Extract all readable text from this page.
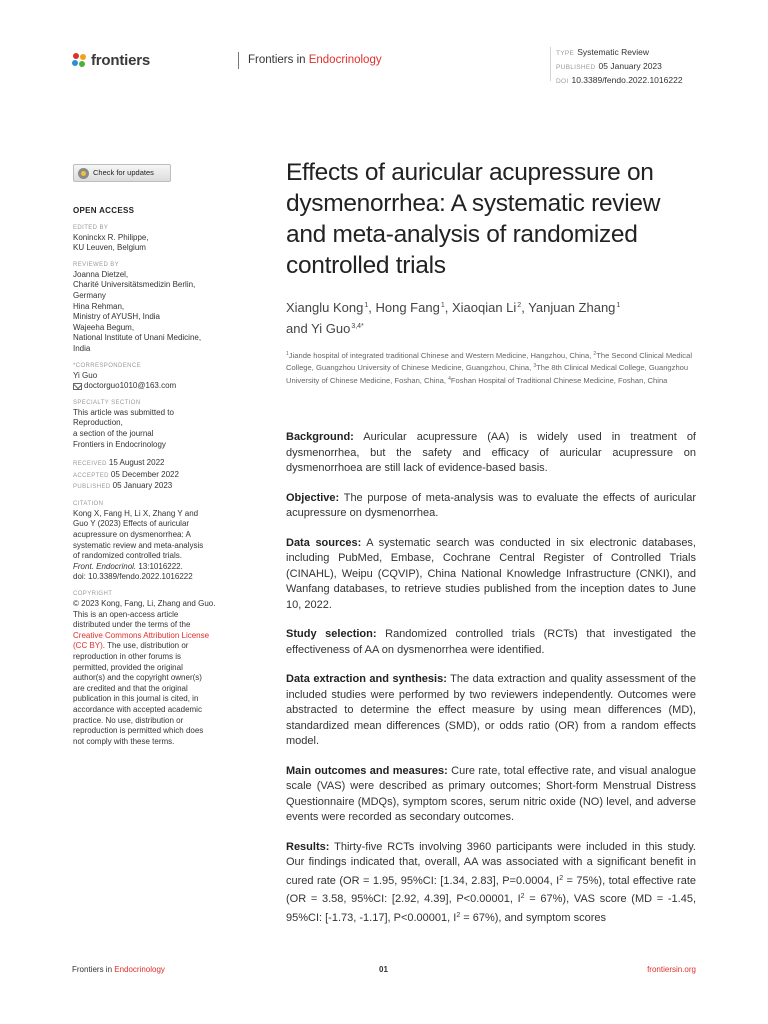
frontiers	Frontiers in Endocrinology
TYPE Systematic Review
PUBLISHED 05 January 2023
DOI 10.3389/fendo.2022.1016222
Check for updates
OPEN ACCESS
EDITED BY
Koninckx R. Philippe,
KU Leuven, Belgium
REVIEWED BY
Joanna Dietzel,
Charité Universitätsmedizin Berlin,
Germany
Hina Rehman,
Ministry of AYUSH, India
Wajeeha Begum,
National Institute of Unani Medicine,
India
*CORRESPONDENCE
Yi Guo
doctorguo1010@163.com
SPECIALTY SECTION
This article was submitted to
Reproduction,
a section of the journal
Frontiers in Endocrinology
RECEIVED 15 August 2022
ACCEPTED 05 December 2022
PUBLISHED 05 January 2023
CITATION
Kong X, Fang H, Li X, Zhang Y and
Guo Y (2023) Effects of auricular
acupressure on dysmenorrhea: A
systematic review and meta-analysis
of randomized controlled trials.
Front. Endocrinol. 13:1016222.
doi: 10.3389/fendo.2022.1016222
COPYRIGHT
© 2023 Kong, Fang, Li, Zhang and Guo.
This is an open-access article
distributed under the terms of the
Creative Commons Attribution License
(CC BY). The use, distribution or
reproduction in other forums is
permitted, provided the original
author(s) and the copyright owner(s)
are credited and that the original
publication in this journal is cited, in
accordance with accepted academic
practice. No use, distribution or
reproduction is permitted which does
not comply with these terms.
Effects of auricular acupressure on dysmenorrhea: A systematic review and meta-analysis of randomized controlled trials
Xianglu Kong$^1$, Hong Fang$^1$, Xiaoqian Li$^2$, Yanjuan Zhang$^1$
and Yi Guo$^{3,4*}$
$^1$Jiande hospital of integrated traditional Chinese and Western Medicine, Hangzhou, China, $^2$The Second Clinical Medical College, Guangzhou University of Chinese Medicine, Guangzhou, China, $^3$The 8th Clinical Medical College, Guangzhou University of Chinese Medicine, Foshan, China, $^4$Foshan Hospital of Traditional Chinese Medicine, Foshan, China

Background: Auricular acupressure (AA) is widely used in treatment of dysmenorrhea, but the safety and efficacy of auricular acupressure on dysmenorrhoea are still lack of evidence-based basis.

Objective: The purpose of meta-analysis was to evaluate the effects of auricular acupressure on dysmenorrhea.

Data sources: A systematic search was conducted in six electronic databases, including PubMed, Embase, Cochrane Central Register of Controlled Trials (CINAHL), Weipu (CQVIP), China National Knowledge Infrastructure (CNKI), and Wanfang databases, to retrieve studies published from the inception dates to June 10, 2022.

Study selection: Randomized controlled trials (RCTs) that investigated the effectiveness of AA on dysmenorrhea were identified.

Data extraction and synthesis: The data extraction and quality assessment of the included studies were performed by two reviewers independently. Outcomes were abstracted to determine the effect measure by using mean differences (MD), standardized mean differences (SMD), or odds ratio (OR) from a random effects model.

Main outcomes and measures: Cure rate, total effective rate, and visual analogue scale (VAS) were described as primary outcomes; Short-form Menstrual Distress Questionnaire (MDQs), symptom scores, serum nitric oxide (NO) level, and adverse events were recorded as secondary outcomes.

Results: Thirty-five RCTs involving 3960 participants were included in this study. Our findings indicated that, overall, AA was associated with a significant benefit in cured rate (OR = 1.95, 95%CI: [1.34, 2.83], P=0.0004, $I^2 = 75\%$), total effective rate (OR = 3.58, 95%CI: [2.92, 4.39], P<0.00001, $I^2 = 67\%$), VAS score (MD = -1.45, 95%CI: [-1.73, -1.17], P<0.00001, $I^2 = 67\%$), and symptom scores

Frontiers in Endocrinology	01	frontiersin.org
